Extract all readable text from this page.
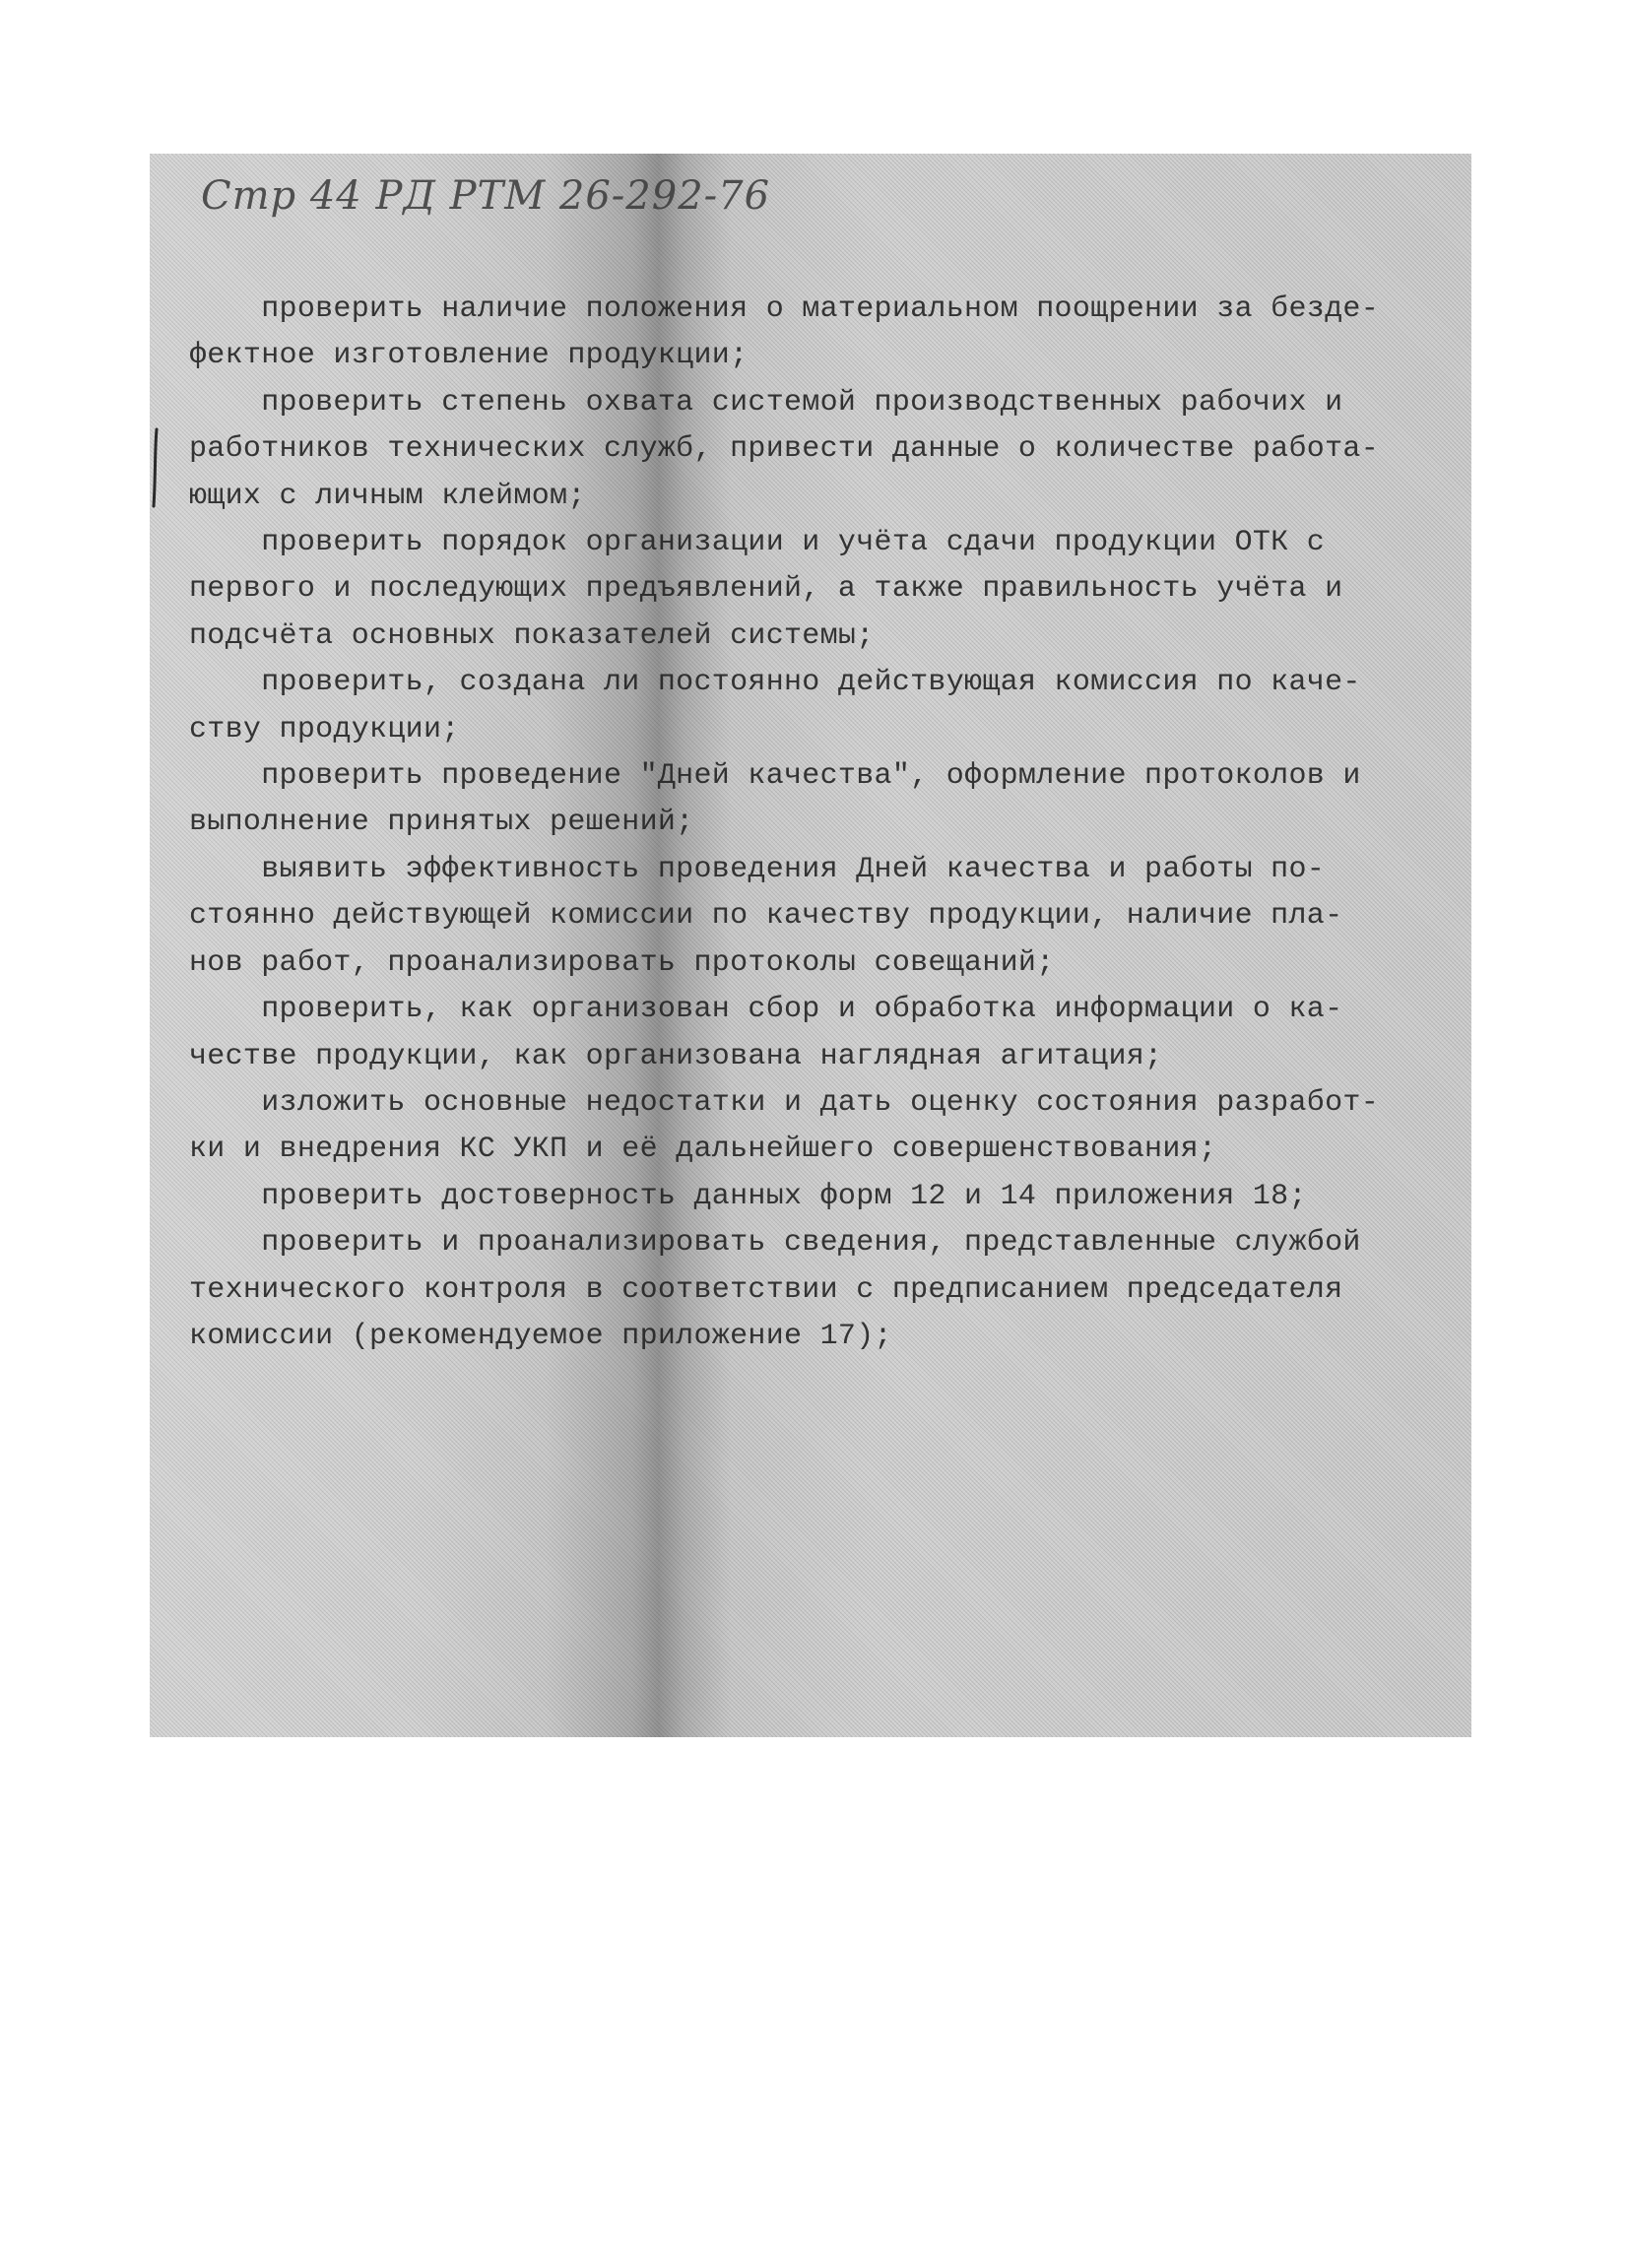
Стр 44 РД РТМ 26-292-76

проверить наличие положения о материальном поощрении за безде-

фектное изготовление продукции;

проверить степень охвата системой производственных рабочих и

работников технических служб, привести данные о количестве работа-

ющих с личным клеймом;

проверить порядок организации и учёта сдачи продукции ОТК с

первого и последующих предъявлений, а также правильность учёта и

подсчёта основных показателей системы;

проверить, создана ли постоянно действующая комиссия по каче-

ству продукции;

проверить проведение "Дней качества", оформление протоколов и

выполнение принятых решений;

выявить эффективность проведения Дней качества и работы по-

стоянно действующей комиссии по качеству продукции, наличие пла-

нов работ, проанализировать протоколы совещаний;

проверить, как организован сбор и обработка информации о ка-

честве продукции, как организована наглядная агитация;

изложить основные недостатки и дать оценку состояния разработ-

ки и внедрения КС УКП и её дальнейшего совершенствования;

проверить достоверность данных форм 12 и 14 приложения 18;

проверить и проанализировать сведения, представленные службой

технического контроля в соответствии с предписанием председателя

комиссии (рекомендуемое приложение 17);
